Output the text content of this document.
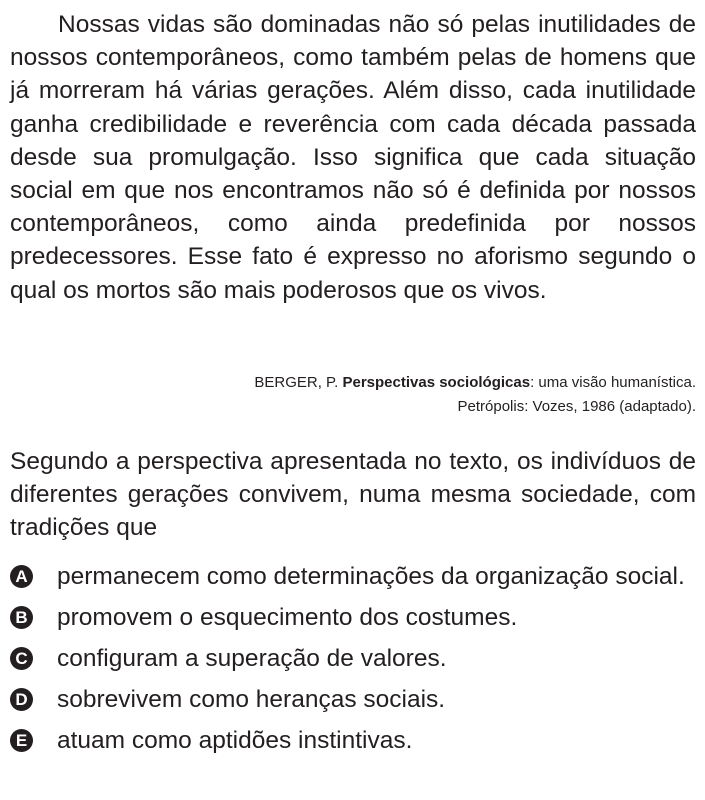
Nossas vidas são dominadas não só pelas inutilidades de nossos contemporâneos, como também pelas de homens que já morreram há várias gerações. Além disso, cada inutilidade ganha credibilidade e reverência com cada década passada desde sua promulgação. Isso significa que cada situação social em que nos encontramos não só é definida por nossos contemporâneos, como ainda predefinida por nossos predecessores. Esse fato é expresso no aforismo segundo o qual os mortos são mais poderosos que os vivos.

BERGER, P. Perspectivas sociológicas: uma visão humanística.
Petrópolis: Vozes, 1986 (adaptado).

Segundo a perspectiva apresentada no texto, os indivíduos de diferentes gerações convivem, numa mesma sociedade, com tradições que

A permanecem como determinações da organização social.
B promovem o esquecimento dos costumes.
C configuram a superação de valores.
D sobrevivem como heranças sociais.
E atuam como aptidões instintivas.
